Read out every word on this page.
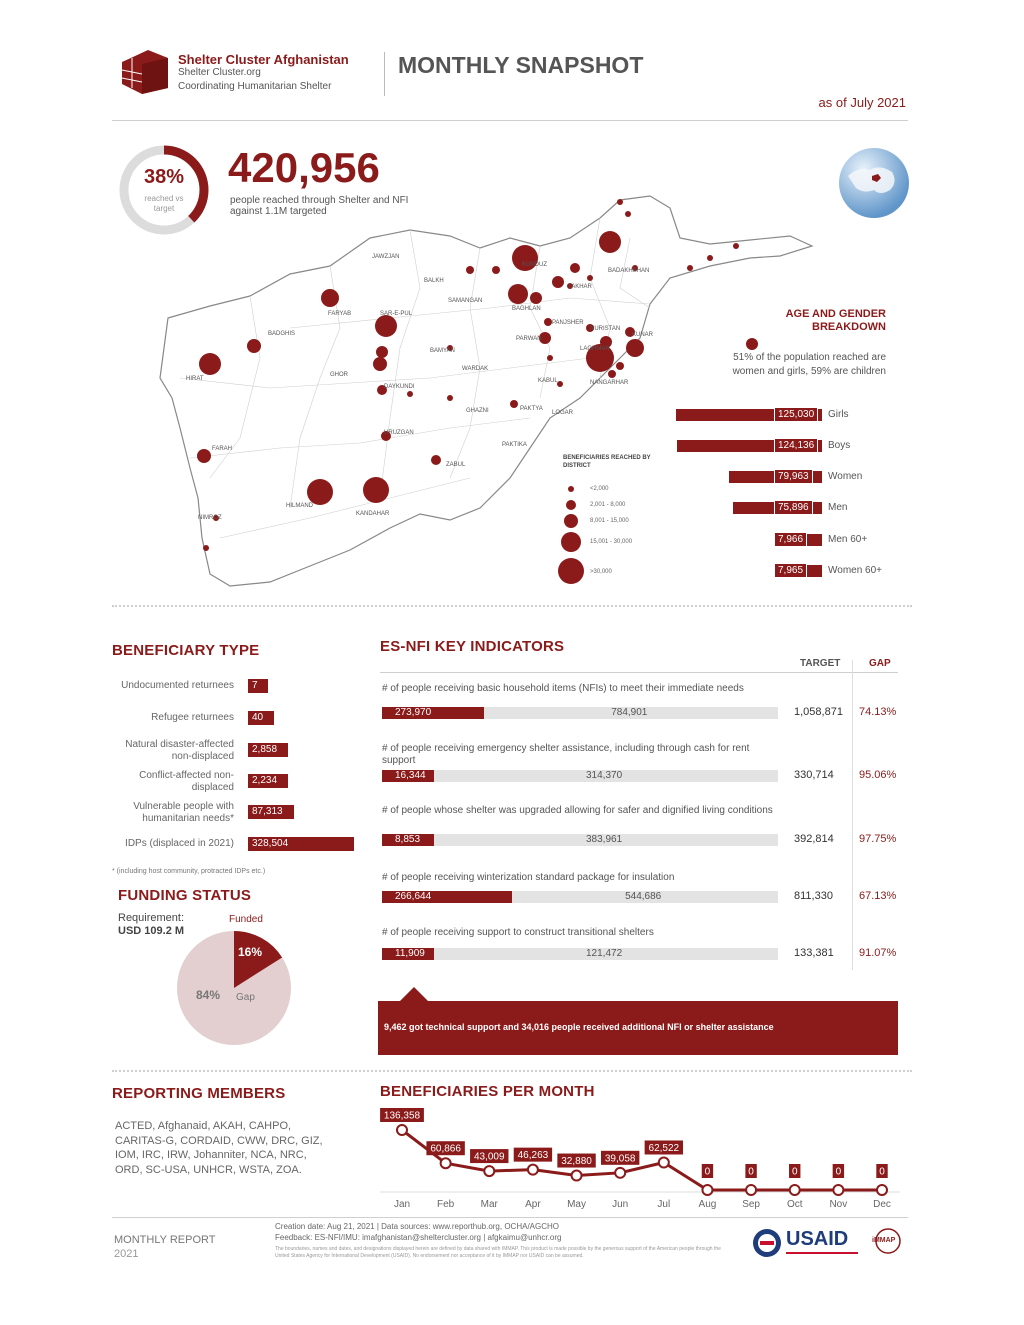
Shelter Cluster Afghanistan
Shelter Cluster.org
Coordinating Humanitarian Shelter
MONTHLY SNAPSHOT
as of July 2021
38%
reached vs target
420,956
people reached through Shelter and NFI against 1.1M targeted
BADAKHSHAN
TAKHAR
KUNDUZ
BALKH
JAWZJAN
SAMANGAN
BAGHLAN
FARYAB	SAR-E-PUL
BADGHIS
HIRAT
GHOR
BAMYAN
PARWAN
PANJSHER
NURISTAN
KUNAR
LAGHMAN
KABUL	NANGARHAR
LOGAR
WARDAK
DAYKUNDI
URUZGAN
GHAZNI
PAKTIKA
ZABUL
FARAH
NIMROZ
HILMAND
KANDAHAR
PAKTYA
BENEFICIARIES REACHED BY DISTRICT
<2,000
2,001 - 8,000
8,001 - 15,000
15,001 - 30,000
>30,000
AGE AND GENDER BREAKDOWN
51% of the population reached are women and girls, 59% are children
125,030	Girls
124,136	Boys
79,963	Women
75,896	Men
7,966	Men 60+
7,965	Women 60+
BENEFICIARY TYPE
Undocumented returnees	7
Refugee returnees	40
Natural disaster-affected non-displaced
2,858
Conflict-affected non-displaced
2,234
Vulnerable people with humanitarian needs*
87,313
IDPs (displaced in 2021)	328,504
* (including host community, protracted IDPs etc.)
FUNDING STATUS
Requirement:
USD 109.2 M
Funded
16%
84% Gap
ES-NFI KEY INDICATORS
TARGET	GAP
# of people receiving basic household items (NFIs) to meet their immediate needs
273,970	784,901	1,058,871 74.13%
# of people receiving emergency shelter assistance, including through cash for rent support
16,344	314,370	330,714 95.06%
# of people whose shelter was upgraded allowing for safer and dignified living conditions
8,853	383,961	392,814 97.75%
# of people receiving winterization standard package for insulation
266,644	544,686	811,330 67.13%
# of people receiving support to construct transitional shelters
11,909	121,472	133,381 91.07%
9,462 got technical support and 34,016 people received additional NFI or shelter assistance
REPORTING MEMBERS
ACTED, Afghanaid, AKAH, CAHPO, CARITAS-G, CORDAID, CWW, DRC, GIZ, IOM, IRC, IRW, Johanniter, NCA, NRC, ORD, SC-USA, UNHCR, WSTA, ZOA.
BENEFICIARIES PER MONTH
136,358
Jan
60,866
Feb
43,009
Mar
46,263
Apr
32,880
May
39,058
Jun
62,522
Jul
0
Aug
0
Sep
0
Oct
0
Nov
0
Dec
MONTHLY REPORT
2021
Creation date: Aug 21, 2021 | Data sources: www.reporthub.org, OCHA/AGCHO
Feedback: ES-NFI/IMU: imafghanistan@sheltercluster.org | afgkaimu@unhcr.org
The boundaries, names and dates, and designations displayed herein are defined by data shared with IMMAP. This product is made possible by the generous support of the American people through the United States Agency for International Development (USAID). No endorsement nor acceptance of it by IMMAP nor USAID can be assumed.
USAID	iMMAP
